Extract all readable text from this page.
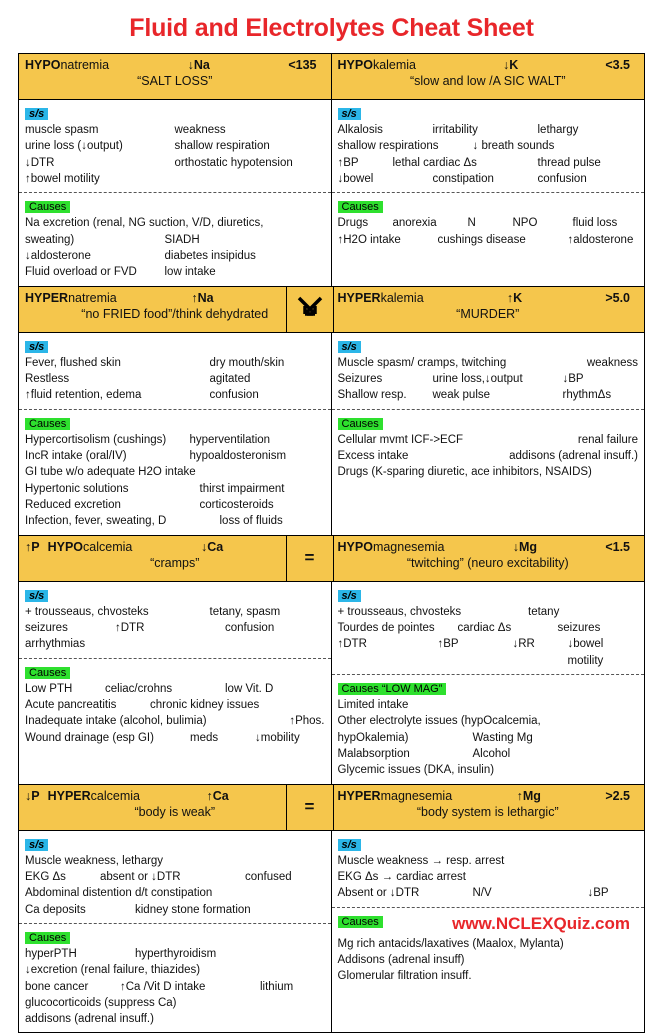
Fluid and Electrolytes Cheat Sheet
HYPOnatremia	↓Na	<135
“SALT LOSS”
s/s
muscle spasm	weakness
urine loss (↓output)	shallow respiration
↓DTR	orthostatic hypotension
↑bowel motility
Causes
Na excretion (renal, NG suction, V/D, diuretics,
sweating)	SIADH
↓aldosterone	diabetes insipidus
Fluid overload or FVD	low intake
HYPOkalemia	↓K	<3.5
“slow and low /A SIC WALT”
s/s
Alkalosis	irritability	lethargy
shallow respirations	↓ breath sounds
↑BP	lethal cardiac Δs	thread pulse
↓bowel	constipation	confusion
Causes
Drugs	anorexia	N	NPO	fluid loss
↑H2O intake	cushings disease	↑aldosterone
HYPERnatremia	↑Na
“no FRIED food”/think dehydrated
s/s
Fever, flushed skin	dry mouth/skin
Restless	agitated
↑fluid retention, edema	confusion
Causes
Hypercortisolism (cushings)	hyperventilation
IncR intake (oral/IV)	hypoaldosteronism
GI tube w/o adequate H2O intake
Hypertonic solutions	thirst impairment
Reduced excretion	corticosteroids
Infection, fever, sweating, D	loss of fluids
HYPERkalemia	↑K	>5.0
“MURDER”
s/s
Muscle spasm/ cramps, twitching	weakness
Seizures	urine loss,↓output	↓BP
Shallow resp.	weak pulse	rhythmΔs
Causes
Cellular mvmt ICF->ECF	renal failure
Excess intake	addisons (adrenal insuff.)
Drugs (K-sparing diuretic, ace inhibitors, NSAIDS)
↑P HYPOcalcemia	↓Ca
“cramps”
s/s
+ trousseaus, chvosteks	tetany, spasm
seizures	↑DTR	confusion
arrhythmias
Causes
Low PTH	celiac/crohns	low Vit. D
Acute pancreatitis	chronic kidney issues
Inadequate intake (alcohol, bulimia)	↑Phos.
Wound drainage (esp GI)	meds	↓mobility
=
HYPOmagnesemia	↓Mg	<1.5
“twitching” (neuro excitability)
s/s
+ trousseaus, chvosteks	tetany
Tourdes de pointes	cardiac Δs	seizures
↑DTR	↑BP	↓RR	↓bowel motility
Causes “LOW MAG”
Limited intake
Other electrolyte issues (hypOcalcemia,
hypOkalemia)	Wasting Mg
Malabsorption	Alcohol
Glycemic issues (DKA, insulin)
↓P HYPERcalcemia	↑Ca
“body is weak”
s/s
Muscle weakness, lethargy
EKG Δs	absent or ↓DTR	confused
Abdominal distention d/t constipation
Ca deposits	kidney stone formation
Causes
hyperPTH	hyperthyroidism
↓excretion (renal failure, thiazides)
bone cancer	↑Ca /Vit D intake	lithium
glucocorticoids (suppress Ca)
addisons (adrenal insuff.)
=
HYPERmagnesemia	↑Mg	>2.5
“body system is lethargic”
s/s
Muscle weakness → resp. arrest
EKG Δs → cardiac arrest
Absent or ↓DTR	N/V	↓BP
Causes	www.NCLEXQuiz.com
Mg rich antacids/laxatives (Maalox, Mylanta)
Addisons (adrenal insuff)
Glomerular filtration insuff.
